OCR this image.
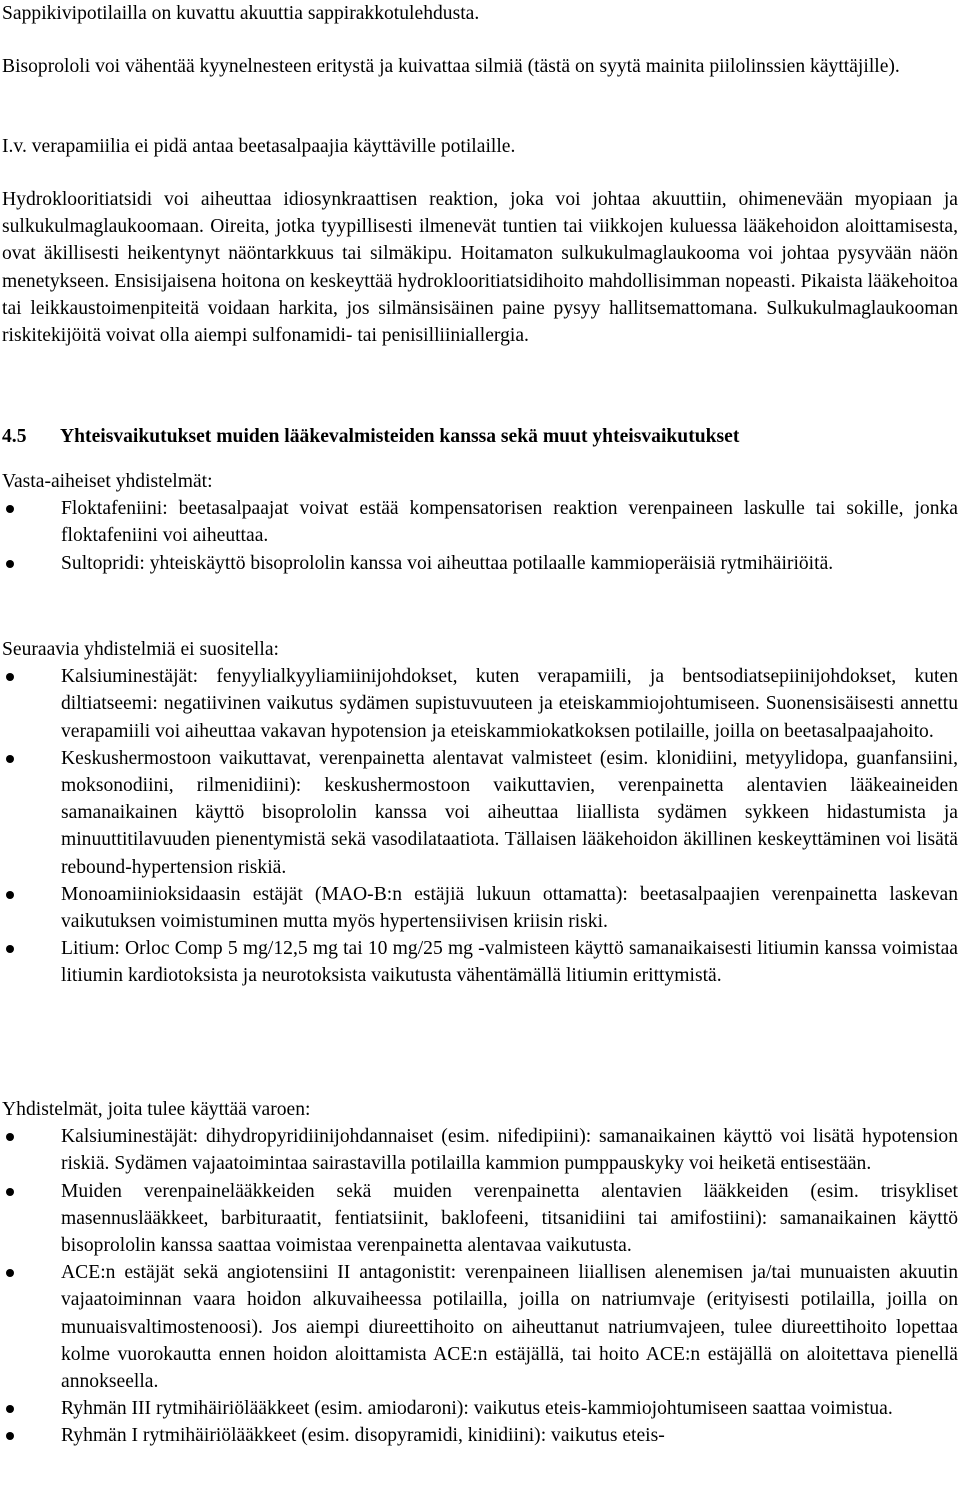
Sappikivipotilailla on kuvattu akuuttia sappirakkotulehdusta.

Bisoprololi voi vähentää kyynelnesteen eritystä ja kuivattaa silmiä (tästä on syytä mainita piilolinssien käyttäjille).

I.v. verapamiilia ei pidä antaa beetasalpaajia käyttäville potilaille.

Hydroklooritiatsidi voi aiheuttaa idiosynkraattisen reaktion, joka voi johtaa akuuttiin, ohimenevään myopiaan ja sulkukulmaglaukoomaan. Oireita, jotka tyypillisesti ilmenevät tuntien tai viikkojen kuluessa lääkehoidon aloittamisesta, ovat äkillisesti heikentynyt näöntarkkuus tai silmäkipu. Hoitamaton sulkukulmaglaukooma voi johtaa pysyvään näön menetykseen. Ensisijaisena hoitona on keskeyttää hydroklooritiatsidihoito mahdollisimman nopeasti. Pikaista lääkehoitoa tai leikkaustoimenpiteitä voidaan harkita, jos silmänsisäinen paine pysyy hallitsemattomana. Sulkukulmaglaukooman riskitekijöitä voivat olla aiempi sulfonamidi- tai penisilliiniallergia.

4.5 Yhteisvaikutukset muiden lääkevalmisteiden kanssa sekä muut yhteisvaikutukset
Vasta-aiheiset yhdistelmät:
Floktafeniini: beetasalpaajat voivat estää kompensatorisen reaktion verenpaineen laskulle tai sokille, jonka floktafeniini voi aiheuttaa.
Sultopridi: yhteiskäyttö bisoprololin kanssa voi aiheuttaa potilaalle kammioperäisiä rytmihäiriöitä.
Seuraavia yhdistelmiä ei suositella:
Kalsiuminestäjät: fenyylialkyyliamiinijohdokset, kuten verapamiili, ja bentsodiatsepiinijohdokset, kuten diltiatseemi: negatiivinen vaikutus sydämen supistuvuuteen ja eteiskammiojohtumiseen. Suonensisäisesti annettu verapamiili voi aiheuttaa vakavan hypotension ja eteiskammiokatkoksen potilaille, joilla on beetasalpaajahoito.
Keskushermostoon vaikuttavat, verenpainetta alentavat valmisteet (esim. klonidiini, metyylidopa, guanfansiini, moksonodiini, rilmenidiini): keskushermostoon vaikuttavien, verenpainetta alentavien lääkeaineiden samanaikainen käyttö bisoprololin kanssa voi aiheuttaa liiallista sydämen sykkeen hidastumista ja minuuttitilavuuden pienentymistä sekä vasodilataatiota. Tällaisen lääkehoidon äkillinen keskeyttäminen voi lisätä rebound-hypertension riskiä.
Monoamiinioksidaasin estäjät (MAO-B:n estäjiä lukuun ottamatta): beetasalpaajien verenpainetta laskevan vaikutuksen voimistuminen mutta myös hypertensiivisen kriisin riski.
Litium: Orloc Comp 5 mg/12,5 mg tai 10 mg/25 mg -valmisteen käyttö samanaikaisesti litiumin kanssa voimistaa litiumin kardiotoksista ja neurotoksista vaikutusta vähentämällä litiumin erittymistä.
Yhdistelmät, joita tulee käyttää varoen:
Kalsiuminestäjät: dihydropyridiinijohdannaiset (esim. nifedipiini): samanaikainen käyttö voi lisätä hypotension riskiä. Sydämen vajaatoimintaa sairastavilla potilailla kammion pumppauskyky voi heiketä entisestään.
Muiden verenpainelääkkeiden sekä muiden verenpainetta alentavien lääkkeiden (esim. trisykliset masennuslääkkeet, barbituraatit, fentiatsiinit, baklofeeni, titsanidiini tai amifostiini): samanaikainen käyttö bisoprololin kanssa saattaa voimistaa verenpainetta alentavaa vaikutusta.
ACE:n estäjät sekä angiotensiini II antagonistit: verenpaineen liiallisen alenemisen ja/tai munuaisten akuutin vajaatoiminnan vaara hoidon alkuvaiheessa potilailla, joilla on natriumvaje (erityisesti potilailla, joilla on munuaisvaltimostenoosi). Jos aiempi diureettihoito on aiheuttanut natriumvajeen, tulee diureettihoito lopettaa kolme vuorokautta ennen hoidon aloittamista ACE:n estäjällä, tai hoito ACE:n estäjällä on aloitettava pienellä annokseella.
Ryhmän III rytmihäiriölääkkeet (esim. amiodaroni): vaikutus eteis-kammiojohtumiseen saattaa voimistua.
Ryhmän I rytmihäiriölääkkeet (esim. disopyramidi, kinidiini): vaikutus eteis-
